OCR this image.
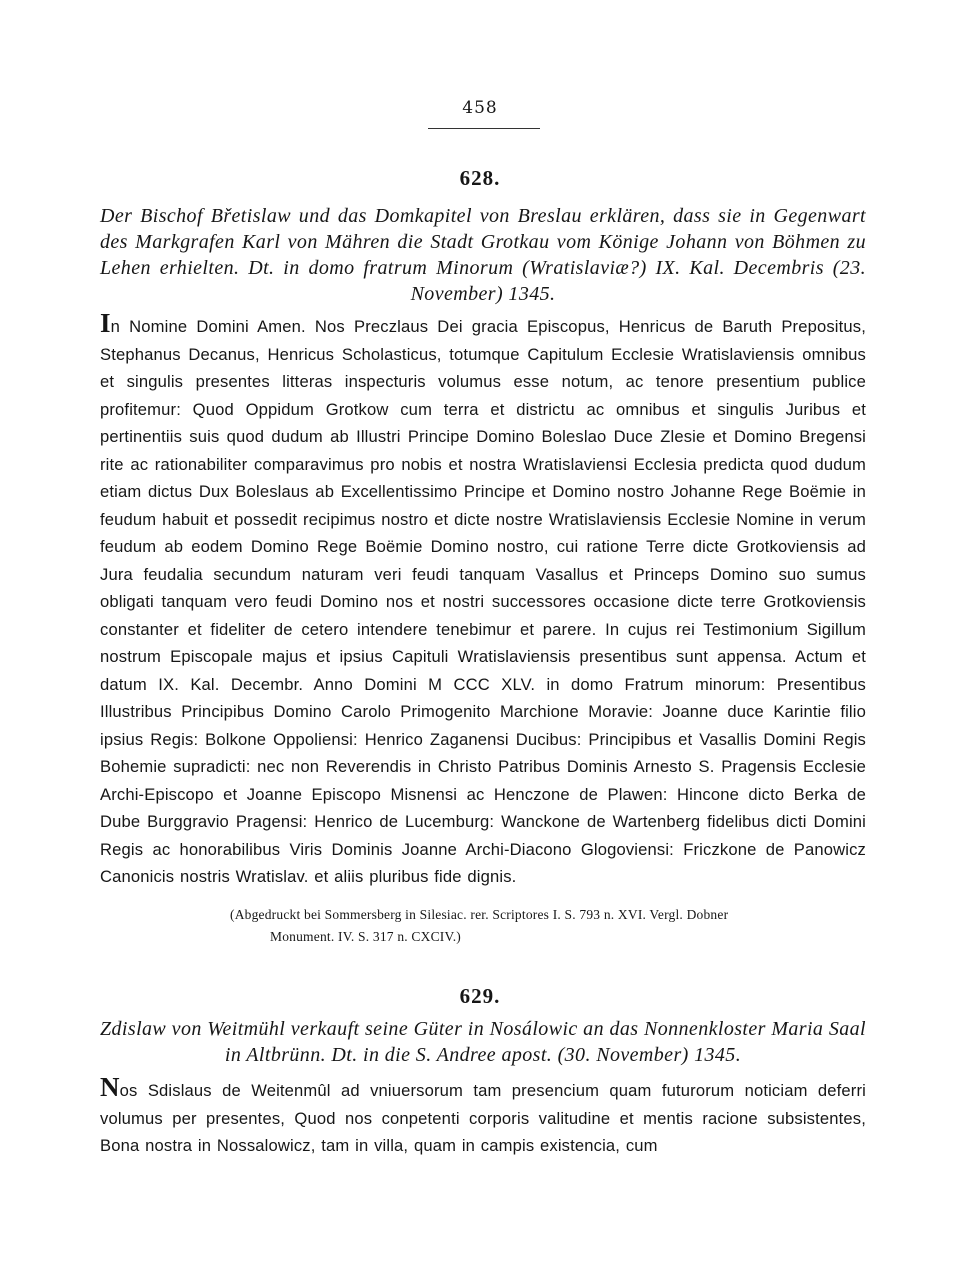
458
628.
Der Bischof Břetislaw und das Domkapitel von Breslau erklären, dass sie in Gegenwart des Markgrafen Karl von Mähren die Stadt Grotkau vom Könige Johann von Böhmen zu Lehen erhielten. Dt. in domo fratrum Minorum (Wratislaviæ?) IX. Kal. Decembris (23. November) 1345.

In Nomine Domini Amen. Nos Preczlaus Dei gracia Episcopus, Henricus de Baruth Prepositus, Stephanus Decanus, Henricus Scholasticus, totumque Capitulum Ecclesie Wratislaviensis omnibus et singulis presentes litteras inspecturis volumus esse notum, ac tenore presentium publice profitemur: Quod Oppidum Grotkow cum terra et districtu ac omnibus et singulis Juribus et pertinentiis suis quod dudum ab Illustri Principe Domino Boleslao Duce Zlesie et Domino Bregensi rite ac rationabiliter comparavimus pro nobis et nostra Wratislaviensi Ecclesia predicta quod dudum etiam dictus Dux Boleslaus ab Excellentissimo Principe et Domino nostro Johanne Rege Boëmie in feudum habuit et possedit recipimus nostro et dicte nostre Wratislaviensis Ecclesie Nomine in verum feudum ab eodem Domino Rege Boëmie Domino nostro, cui ratione Terre dicte Grotkoviensis ad Jura feudalia secundum naturam veri feudi tanquam Vasallus et Princeps Domino suo sumus obligati tanquam vero feudi Domino nos et nostri successores occasione dicte terre Grotkoviensis constanter et fideliter de cetero intendere tenebimur et parere. In cujus rei Testimonium Sigillum nostrum Episcopale majus et ipsius Capituli Wratislaviensis presentibus sunt appensa. Actum et datum IX. Kal. Decembr. Anno Domini M CCC XLV. in domo Fratrum minorum: Presentibus Illustribus Principibus Domino Carolo Primogenito Marchione Moravie: Joanne duce Karintie filio ipsius Regis: Bolkone Oppoliensi: Henrico Zaganensi Ducibus: Principibus et Vasallis Domini Regis Bohemie supradicti: nec non Reverendis in Christo Patribus Dominis Arnesto S. Pragensis Ecclesie Archi-Episcopo et Joanne Episcopo Misnensi ac Henczone de Plawen: Hincone dicto Berka de Dube Burggravio Pragensi: Henrico de Lucemburg: Wanckone de Wartenberg fidelibus dicti Domini Regis ac honorabilibus Viris Dominis Joanne Archi-Diacono Glogoviensi: Friczkone de Panowicz Canonicis nostris Wratislav. et aliis pluribus fide dignis.

(Abgedruckt bei Sommersberg in Silesiac. rer. Scriptores I. S. 793 n. XVI. Vergl. Dobner
Monument. IV. S. 317 n. CXCIV.)

629.
Zdislaw von Weitmühl verkauft seine Güter in Nosálowic an das Nonnenkloster Maria Saal in Altbrünn. Dt. in die S. Andree apost. (30. November) 1345.

Nos Sdislaus de Weitenmûl ad vniuersorum tam presencium quam futurorum noticiam deferri volumus per presentes, Quod nos conpetenti corporis valitudine et mentis racione subsistentes, Bona nostra in Nossalowicz, tam in villa, quam in campis existencia, cum
